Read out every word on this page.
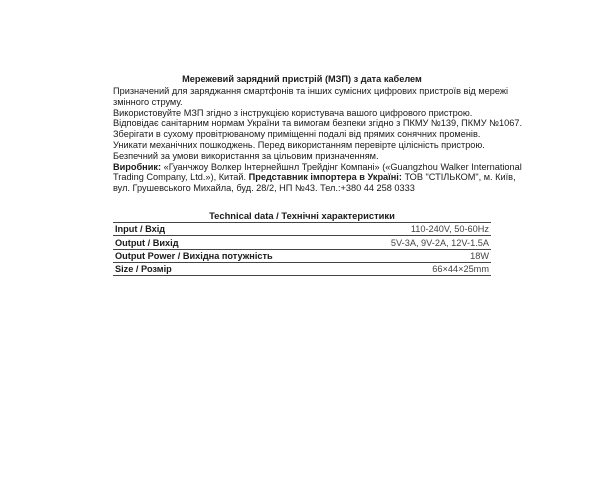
Мережевий зарядний пристрій (МЗП) з дата кабелем
Призначений для заряджання смартфонів та інших сумісних цифрових пристроїв від мережі
змінного струму.
Використовуйте МЗП згідно з інструкцією користувача вашого цифрового пристрою.
Відповідає санітарним нормам України та вимогам безпеки згідно з ПКМУ №139, ПКМУ №1067.
Зберігати в сухому провітрюваному приміщенні подалі від прямих сонячних променів.
Уникати механічних пошкоджень. Перед використанням перевірте цілісність пристрою.
Безпечний за умови використання за цільовим призначенням.
Виробник: «Гуанчжоу Волкер Інтернейшнл Трейдінг Компані» («Guangzhou Walker International
Trading Company, Ltd.»), Китай. Представник імпортера в Україні: ТОВ "СТІЛЬКОМ", м. Київ,
вул. Грушевського Михайла, буд. 28/2, НП №43. Тел.:+380 44 258 0333
Technical data / Технічні характеристики
Input / Вхід	110-240V, 50-60Hz
Output / Вихід	5V-3A, 9V-2A, 12V-1.5A
Output Power / Вихідна потужність	18W
Size / Розмір	66×44×25mm
